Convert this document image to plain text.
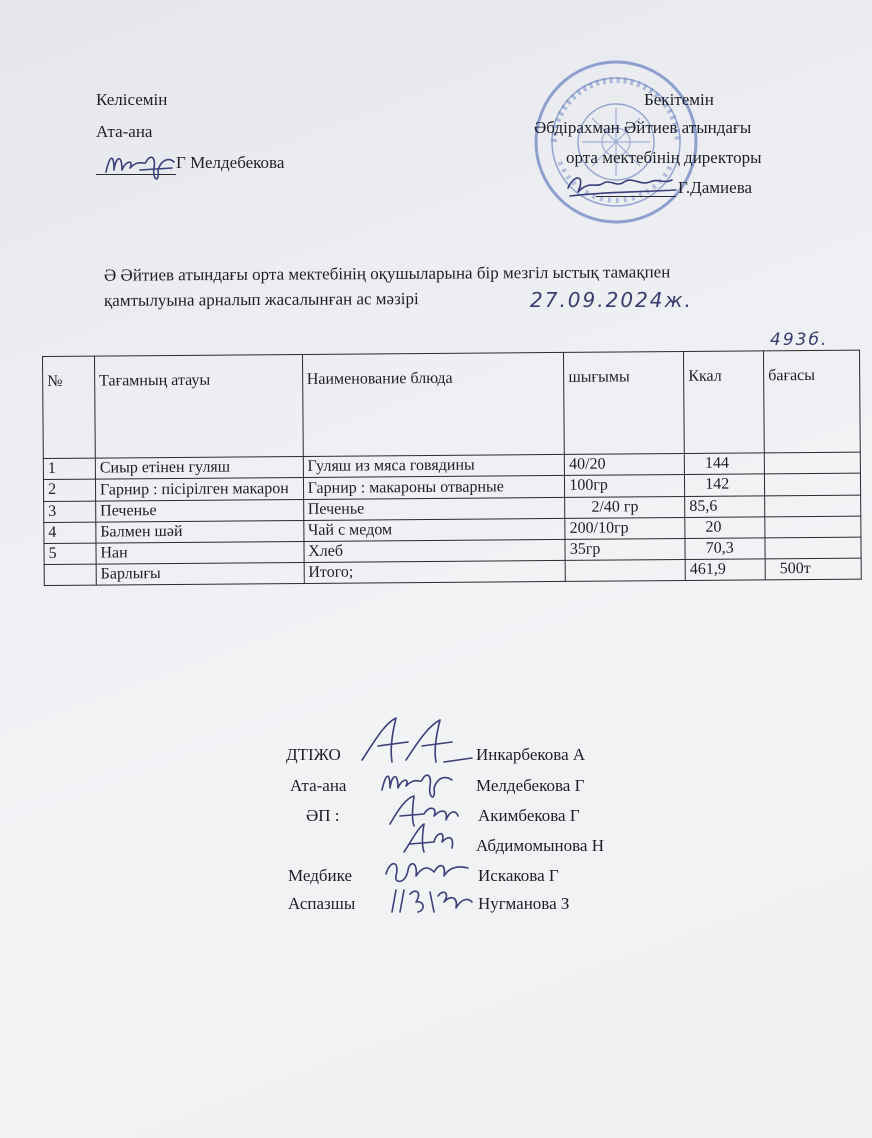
Келісемін
Ата-ана
Г Мелдебекова
Бекітемін
Әбдірахман Әйтиев атындағы
орта мектебінің директоры
Г.Дамиева
Ә Әйтиев атындағы орта мектебінің оқушыларына бір мезгіл ыстық тамақпен
қамтылуына арналып жасалынған ас мәзірі	27.09.2024ж.
493б.
№	Тағамның атауы	Наименование блюда	шығымы	Ккал	бағасы
1	Сиыр етінен гуляш	Гуляш из мяса говядины	40/20	144	
2	Гарнир : пісірілген макарон	Гарнир : макароны отварные	100гр	142	
3	Печенье	Печенье	2/40 гр	85,6	
4	Балмен шәй	Чай с медом	200/10гр	20	
5	Нан	Хлеб	35гр	70,3	
	Барлығы	Итого;		461,9	500т
ДТІЖО	Инкарбекова А
Ата-ана	Мелдебекова Г
ӘП :	Акимбекова Г
Абдимомынова Н
Медбике	Искакова Г
Аспазшы	Нугманова З
